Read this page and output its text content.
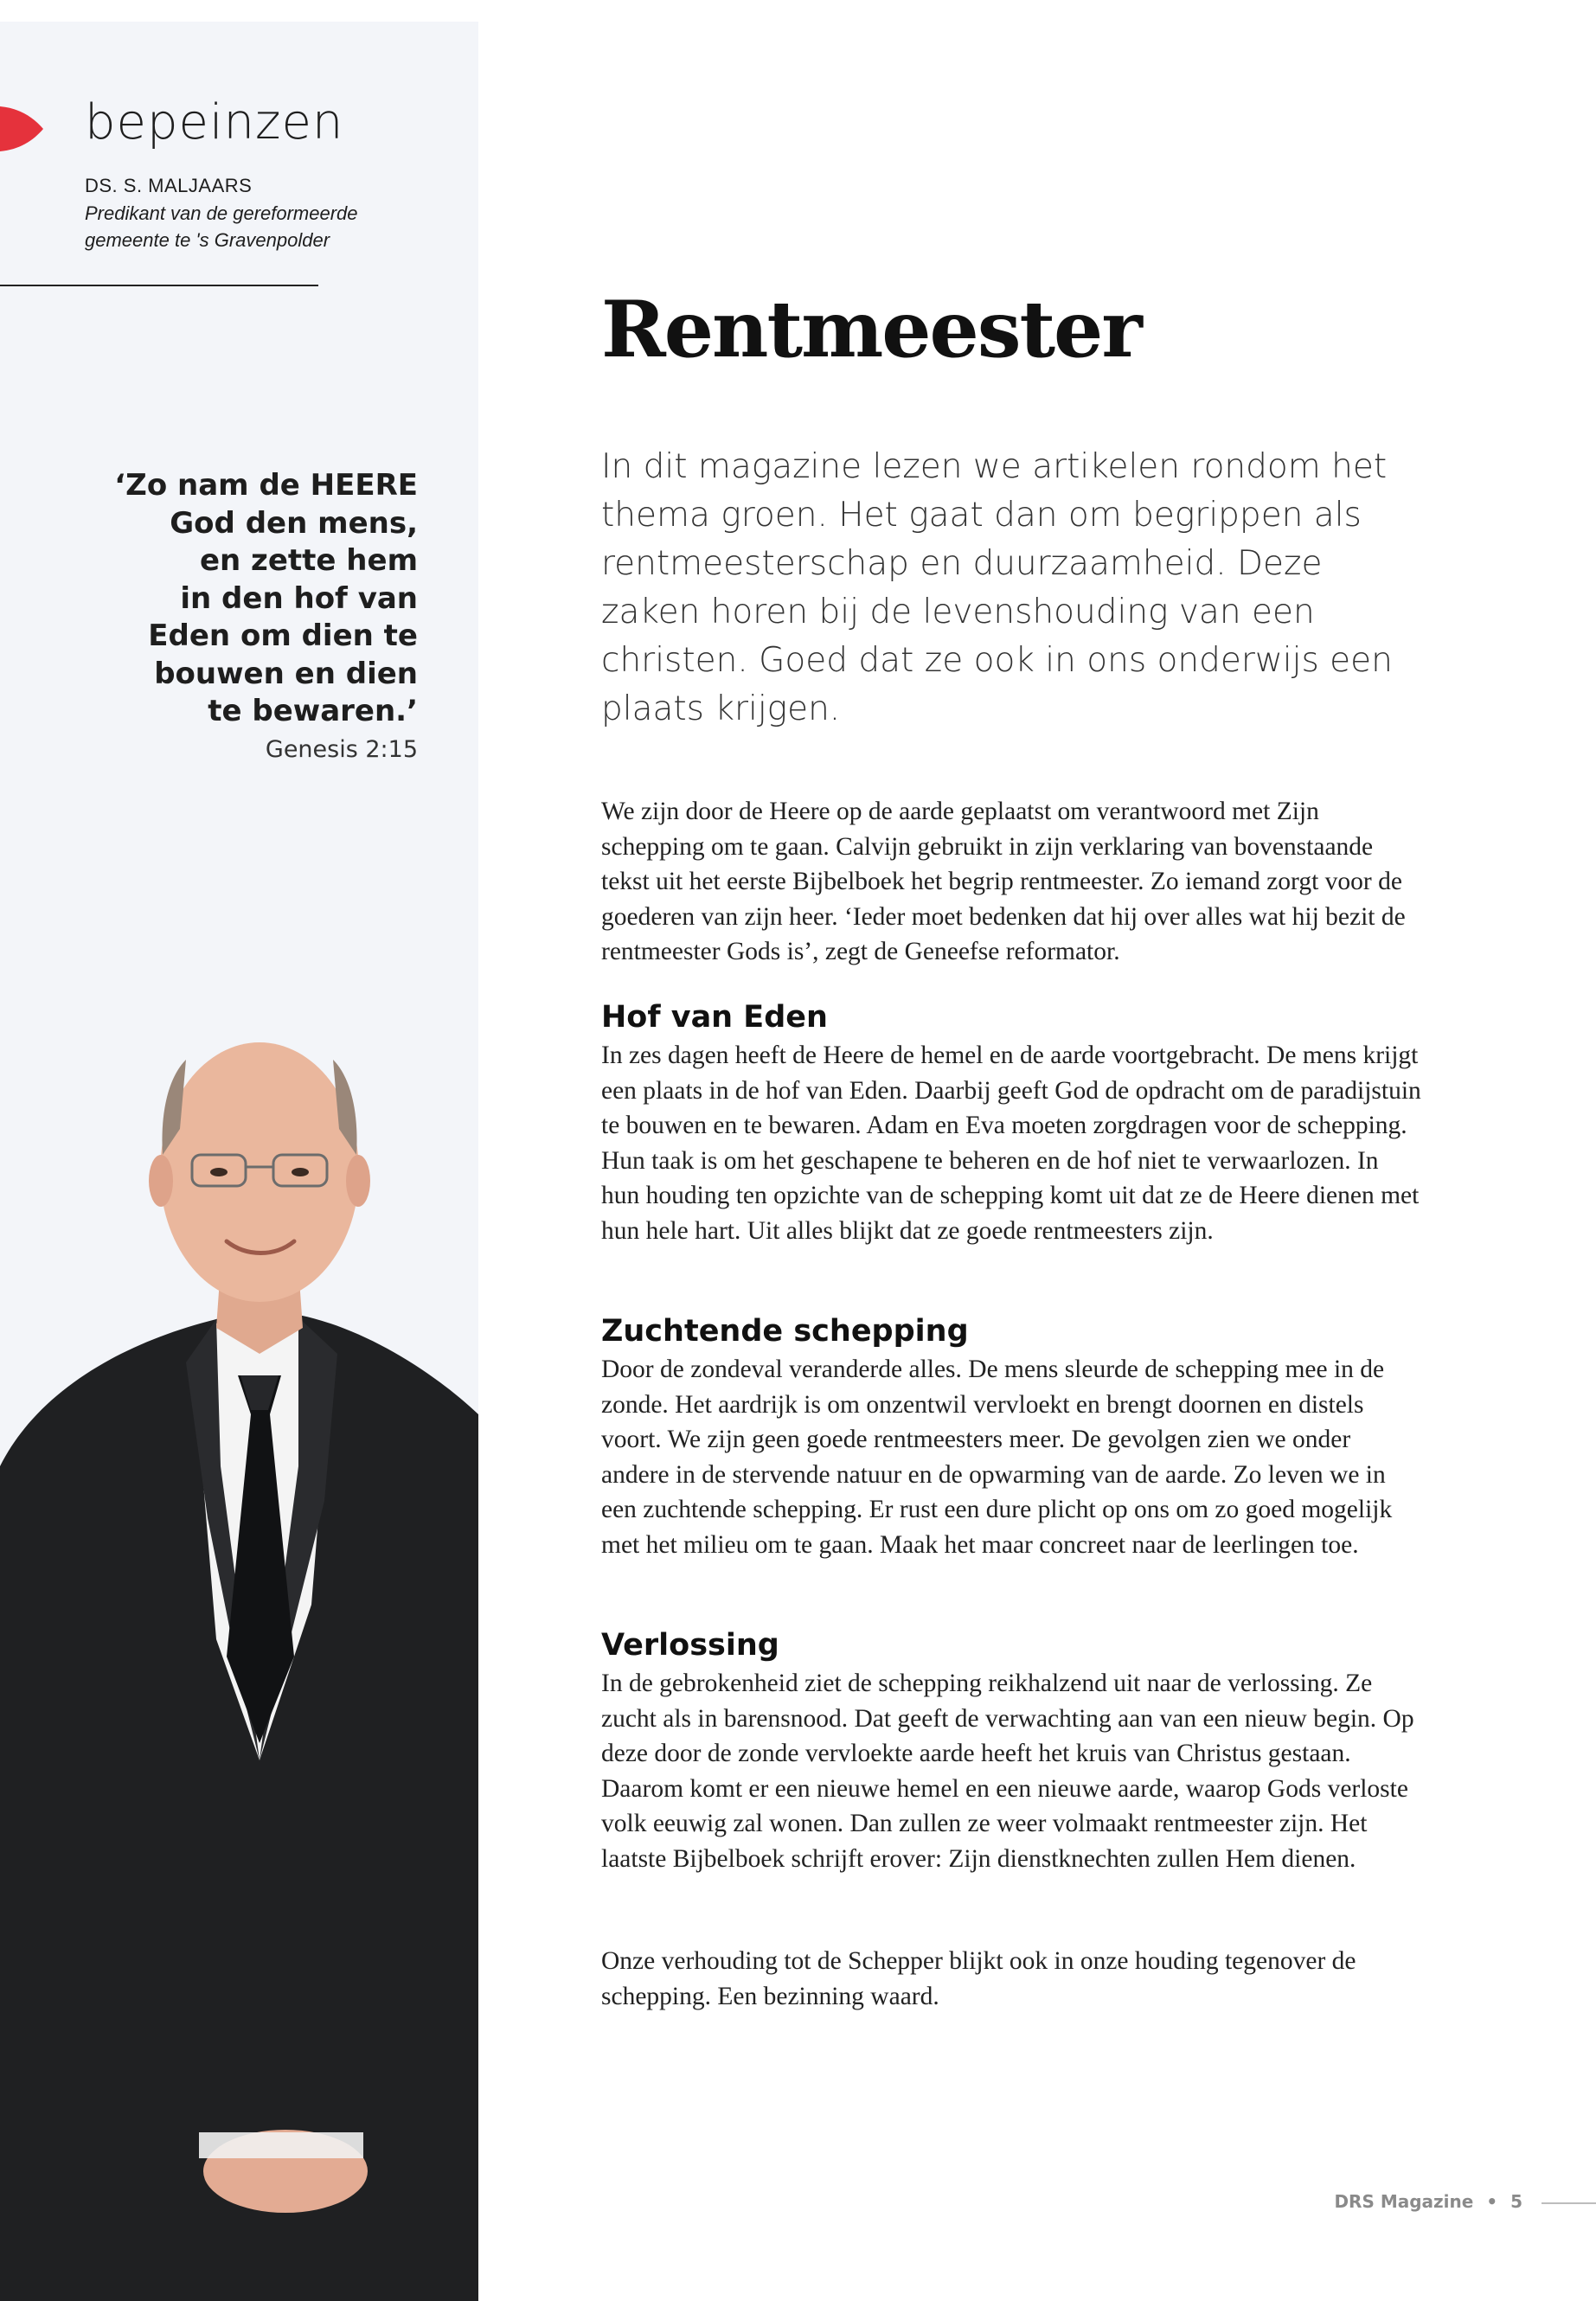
bepeinzen
DS. S. MALJAARS
Predikant van de gereformeerde gemeente te 's Gravenpolder
‘Zo nam de HEERE
God den mens,
en zette hem
in den hof van
Eden om dien te
bouwen en dien
te bewaren.’
Genesis 2:15
Rentmeester

In dit magazine lezen we artikelen rondom het thema groen. Het gaat dan om begrippen als rentmeesterschap en duurzaamheid. Deze zaken horen bij de levenshouding van een christen. Goed dat ze ook in ons onderwijs een plaats krijgen.

We zijn door de Heere op de aarde geplaatst om verantwoord met Zijn schepping om te gaan. Calvijn gebruikt in zijn verklaring van bovenstaande tekst uit het eerste Bijbelboek het begrip rentmeester. Zo iemand zorgt voor de goederen van zijn heer. ‘Ieder moet bedenken dat hij over alles wat hij bezit de rentmeester Gods is’, zegt de Geneefse reformator.

Hof van Eden

In zes dagen heeft de Heere de hemel en de aarde voortgebracht. De mens krijgt een plaats in de hof van Eden. Daarbij geeft God de opdracht om de paradijstuin te bouwen en te bewaren. Adam en Eva moeten zorgdragen voor de schepping. Hun taak is om het geschapene te beheren en de hof niet te verwaarlozen. In hun houding ten opzichte van de schepping komt uit dat ze de Heere dienen met hun hele hart. Uit alles blijkt dat ze goede rentmeesters zijn.

Zuchtende schepping

Door de zondeval veranderde alles. De mens sleurde de schepping mee in de zonde. Het aardrijk is om onzentwil vervloekt en brengt doornen en distels voort. We zijn geen goede rentmeesters meer. De gevolgen zien we onder andere in de stervende natuur en de opwarming van de aarde. Zo leven we in een zuchtende schepping. Er rust een dure plicht op ons om zo goed mogelijk met het milieu om te gaan. Maak het maar concreet naar de leerlingen toe.

Verlossing

In de gebrokenheid ziet de schepping reikhalzend uit naar de verlossing. Ze zucht als in barensnood. Dat geeft de verwachting aan van een nieuw begin. Op deze door de zonde vervloekte aarde heeft het kruis van Christus gestaan. Daarom komt er een nieuwe hemel en een nieuwe aarde, waarop Gods verloste volk eeuwig zal wonen. Dan zullen ze weer volmaakt rentmeester zijn. Het laatste Bijbelboek schrijft erover: Zijn dienstknechten zullen Hem dienen.

Onze verhouding tot de Schepper blijkt ook in onze houding tegenover de schepping. Een bezinning waard.

DRS Magazine • 5
